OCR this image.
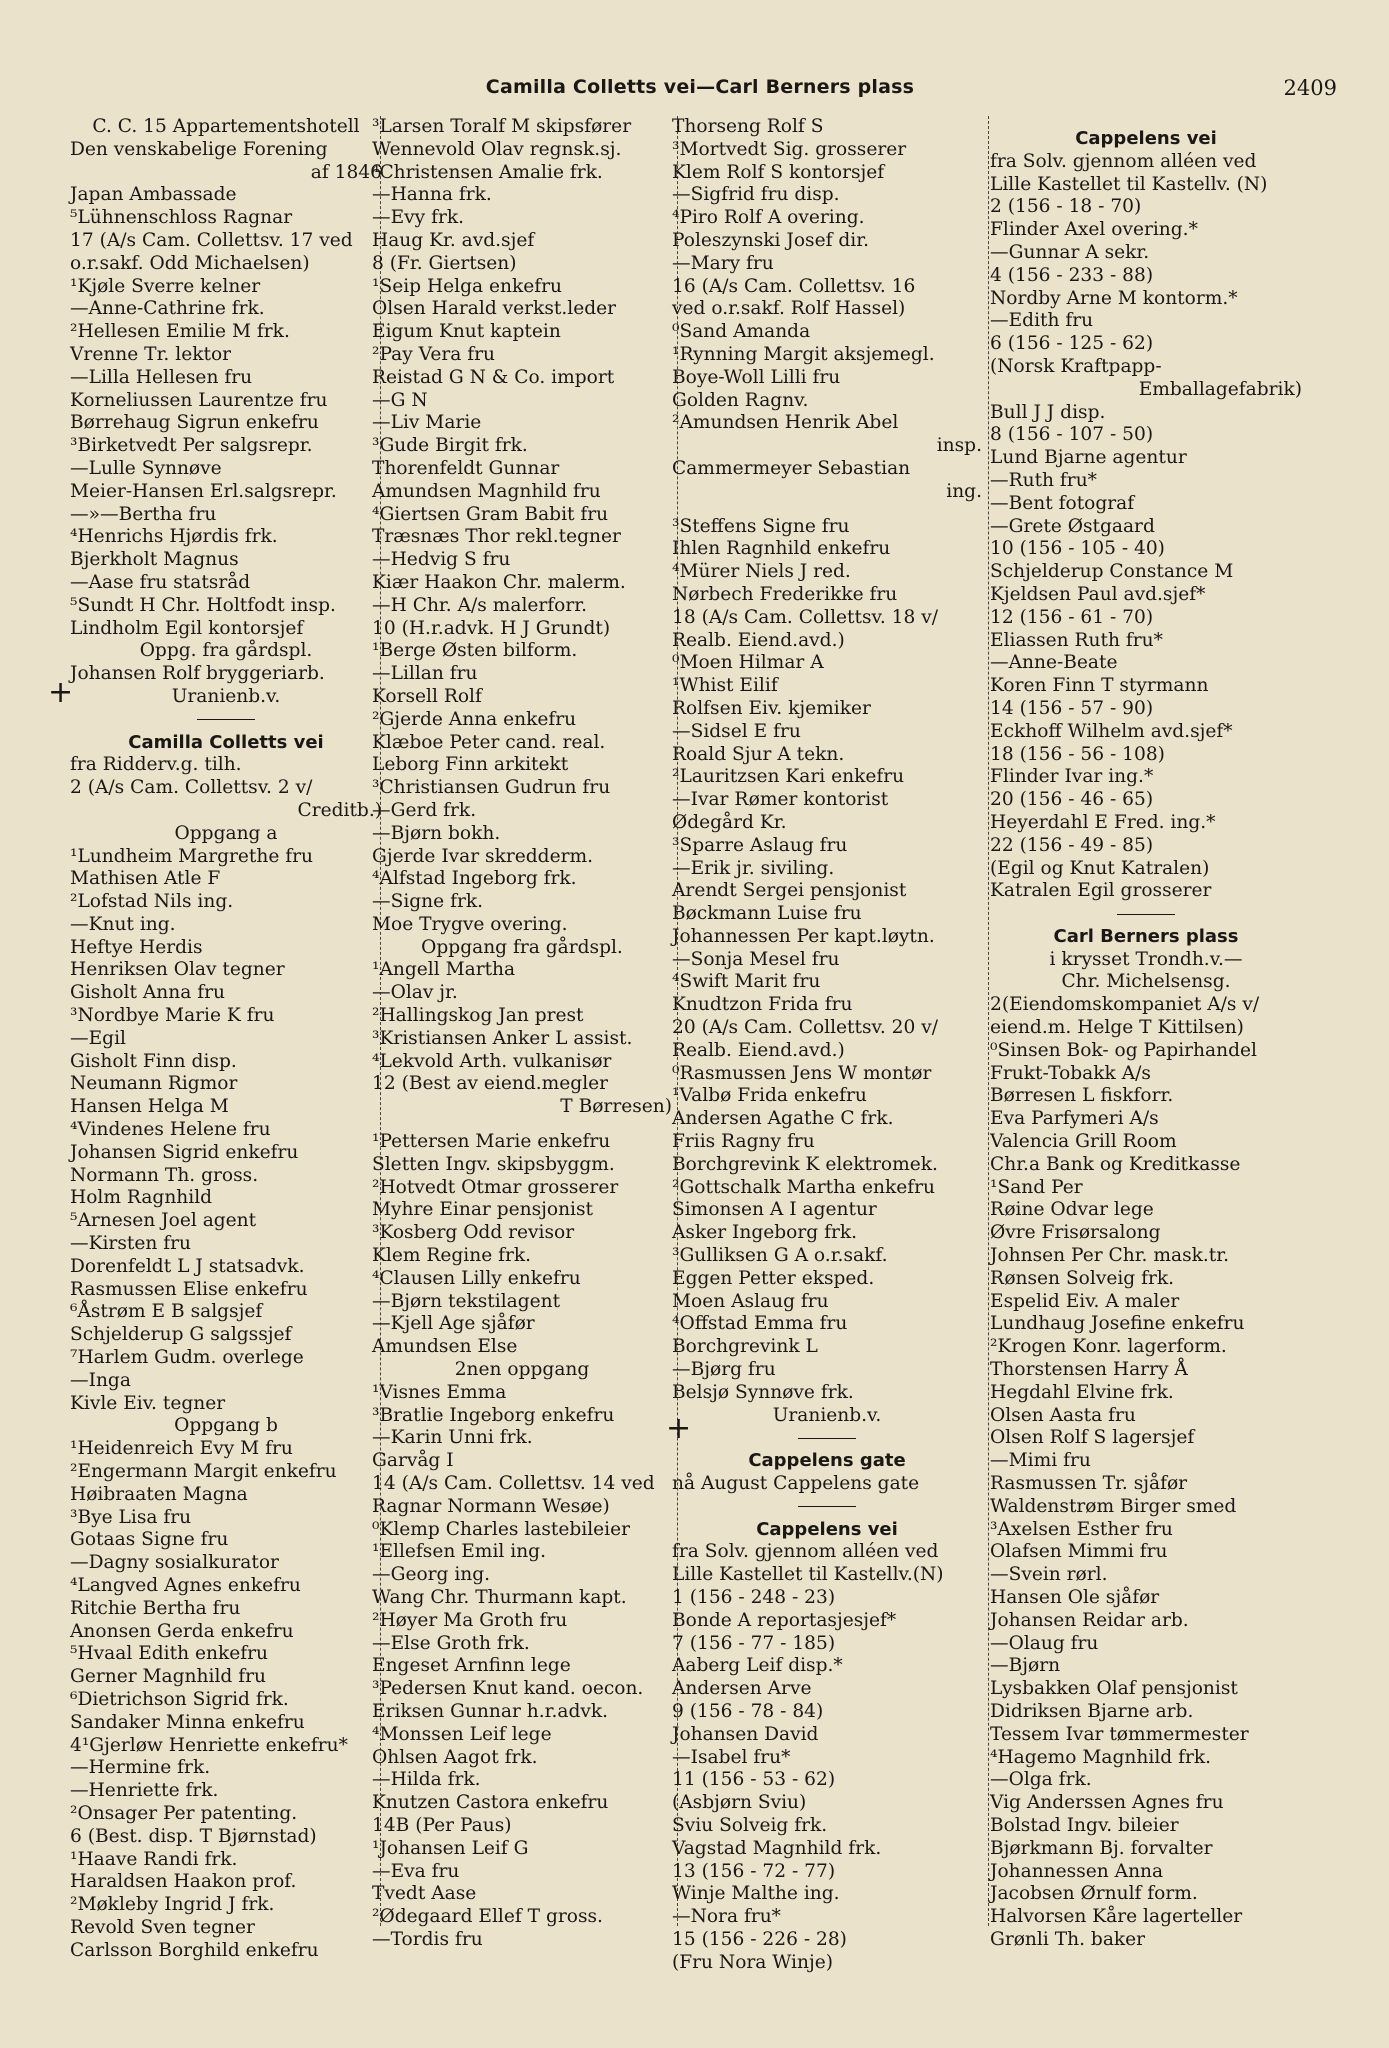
Camilla Colletts vei—Carl Berners plass	2409
C. C. 15 Appartementshotell
Den venskabelige Forening
af 1846
Japan Ambassade
⁵Lühnenschloss Ragnar
17 (A/s Cam. Collettsv. 17 ved
o.r.sakf. Odd Michaelsen)
¹Kjøle Sverre kelner
—Anne-Cathrine frk.
²Hellesen Emilie M frk.
Vrenne Tr. lektor
—Lilla Hellesen fru
Korneliussen Laurentze fru
Børrehaug Sigrun enkefru
³Birketvedt Per salgsrepr.
—Lulle Synnøve
Meier-Hansen Erl.salgsrepr.
—»—Bertha fru
⁴Henrichs Hjørdis frk.
Bjerkholt Magnus
—Aase fru statsråd
⁵Sundt H Chr. Holtfodt insp.
Lindholm Egil kontorsjef
Oppg. fra gårdspl.
Johansen Rolf bryggeriarb.
Uranienb.v.
Camilla Colletts vei
fra Ridderv.g. tilh.
2 (A/s Cam. Collettsv. 2 v/
Creditb.)
Oppgang a
¹Lundheim Margrethe fru
Mathisen Atle F
²Lofstad Nils ing.
—Knut ing.
Heftye Herdis
Henriksen Olav tegner
Gisholt Anna fru
³Nordbye Marie K fru
—Egil
Gisholt Finn disp.
Neumann Rigmor
Hansen Helga M
⁴Vindenes Helene fru
Johansen Sigrid enkefru
Normann Th. gross.
Holm Ragnhild
⁵Arnesen Joel agent
—Kirsten fru
Dorenfeldt L J statsadvk.
Rasmussen Elise enkefru
⁶Åstrøm E B salgsjef
Schjelderup G salgssjef
⁷Harlem Gudm. overlege
—Inga
Kivle Eiv. tegner
Oppgang b
¹Heidenreich Evy M fru
²Engermann Margit enkefru
Høibraaten Magna
³Bye Lisa fru
Gotaas Signe fru
—Dagny sosialkurator
⁴Langved Agnes enkefru
Ritchie Bertha fru
Anonsen Gerda enkefru
⁵Hvaal Edith enkefru
Gerner Magnhild fru
⁶Dietrichson Sigrid frk.
Sandaker Minna enkefru
4¹Gjerløw Henriette enkefru*
—Hermine frk.
—Henriette frk.
²Onsager Per patenting.
6 (Best. disp. T Bjørnstad)
¹Haave Randi frk.
Haraldsen Haakon prof.
²Møkleby Ingrid J frk.
Revold Sven tegner
Carlsson Borghild enkefru
³Larsen Toralf M skipsfører
Wennevold Olav regnsk.sj.
⁴Christensen Amalie frk.
—Hanna frk.
—Evy frk.
Haug Kr. avd.sjef
8 (Fr. Giertsen)
¹Seip Helga enkefru
Olsen Harald verkst.leder
Eigum Knut kaptein
²Pay Vera fru
Reistad G N & Co. import
—G N
—Liv Marie
³Gude Birgit frk.
Thorenfeldt Gunnar
Amundsen Magnhild fru
⁴Giertsen Gram Babit fru
Træsnæs Thor rekl.tegner
—Hedvig S fru
Kiær Haakon Chr. malerm.
—H Chr. A/s malerforr.
10 (H.r.advk. H J Grundt)
¹Berge Østen bilform.
—Lillan fru
Korsell Rolf
²Gjerde Anna enkefru
Klæboe Peter cand. real.
Leborg Finn arkitekt
³Christiansen Gudrun fru
—Gerd frk.
—Bjørn bokh.
Gjerde Ivar skredderm.
⁴Alfstad Ingeborg frk.
—Signe frk.
Moe Trygve overing.
Oppgang fra gårdspl.
¹Angell Martha
—Olav jr.
²Hallingskog Jan prest
³Kristiansen Anker L assist.
⁴Lekvold Arth. vulkanisør
12 (Best av eiend.megler
T Børresen)
¹Pettersen Marie enkefru
Sletten Ingv. skipsbyggm.
²Hotvedt Otmar grosserer
Myhre Einar pensjonist
³Kosberg Odd revisor
Klem Regine frk.
⁴Clausen Lilly enkefru
—Bjørn tekstilagent
—Kjell Age sjåfør
Amundsen Else
2nen oppgang
¹Visnes Emma
³Bratlie Ingeborg enkefru
—Karin Unni frk.
Garvåg I
14 (A/s Cam. Collettsv. 14 ved
Ragnar Normann Wesøe)
⁰Klemp Charles lastebileier
¹Ellefsen Emil ing.
—Georg ing.
Wang Chr. Thurmann kapt.
²Høyer Ma Groth fru
—Else Groth frk.
Engeset Arnfinn lege
³Pedersen Knut kand. oecon.
Eriksen Gunnar h.r.advk.
⁴Monssen Leif lege
Ohlsen Aagot frk.
—Hilda frk.
Knutzen Castora enkefru
14B (Per Paus)
¹Johansen Leif G
—Eva fru
Tvedt Aase
²Ødegaard Ellef T gross.
—Tordis fru
Thorseng Rolf S
³Mortvedt Sig. grosserer
Klem Rolf S kontorsjef
—Sigfrid fru disp.
⁴Piro Rolf A overing.
Poleszynski Josef dir.
—Mary fru
16 (A/s Cam. Collettsv. 16
ved o.r.sakf. Rolf Hassel)
⁰Sand Amanda
¹Rynning Margit aksjemegl.
Boye-Woll Lilli fru
Golden Ragnv.
²Amundsen Henrik Abel
insp.
Cammermeyer Sebastian
ing.
³Steffens Signe fru
Ihlen Ragnhild enkefru
⁴Mürer Niels J red.
Nørbech Frederikke fru
18 (A/s Cam. Collettsv. 18 v/
Realb. Eiend.avd.)
⁰Moen Hilmar A
¹Whist Eilif
Rolfsen Eiv. kjemiker
—Sidsel E fru
Roald Sjur A tekn.
²Lauritzsen Kari enkefru
—Ivar Rømer kontorist
Ødegård Kr.
³Sparre Aslaug fru
—Erik jr. siviling.
Arendt Sergei pensjonist
Bøckmann Luise fru
Johannessen Per kapt.løytn.
—Sonja Mesel fru
⁴Swift Marit fru
Knudtzon Frida fru
20 (A/s Cam. Collettsv. 20 v/
Realb. Eiend.avd.)
⁰Rasmussen Jens W montør
¹Valbø Frida enkefru
Andersen Agathe C frk.
Friis Ragny fru
Borchgrevink K elektromek.
²Gottschalk Martha enkefru
Simonsen A I agentur
Asker Ingeborg frk.
³Gulliksen G A o.r.sakf.
Eggen Petter eksped.
Moen Aslaug fru
⁴Offstad Emma fru
Borchgrevink L
—Bjørg fru
Belsjø Synnøve frk.
Uranienb.v.
Cappelens gate
nå August Cappelens gate
Cappelens vei
fra Solv. gjennom alléen ved
Lille Kastellet til Kastellv.(N)
1 (156 - 248 - 23)
Bonde A reportasjesjef*
7 (156 - 77 - 185)
Aaberg Leif disp.*
Andersen Arve
9 (156 - 78 - 84)
Johansen David
—Isabel fru*
11 (156 - 53 - 62)
(Asbjørn Sviu)
Sviu Solveig frk.
Vagstad Magnhild frk.
13 (156 - 72 - 77)
Winje Malthe ing.
—Nora fru*
15 (156 - 226 - 28)
(Fru Nora Winje)
Cappelens vei
fra Solv. gjennom alléen ved
Lille Kastellet til Kastellv. (N)
2 (156 - 18 - 70)
Flinder Axel overing.*
—Gunnar A sekr.
4 (156 - 233 - 88)
Nordby Arne M kontorm.*
—Edith fru
6 (156 - 125 - 62)
(Norsk Kraftpapp-
Emballagefabrik)
Bull J J disp.
8 (156 - 107 - 50)
Lund Bjarne agentur
—Ruth fru*
—Bent fotograf
—Grete Østgaard
10 (156 - 105 - 40)
Schjelderup Constance M
Kjeldsen Paul avd.sjef*
12 (156 - 61 - 70)
Eliassen Ruth fru*
—Anne-Beate
Koren Finn T styrmann
14 (156 - 57 - 90)
Eckhoff Wilhelm avd.sjef*
18 (156 - 56 - 108)
Flinder Ivar ing.*
20 (156 - 46 - 65)
Heyerdahl E Fred. ing.*
22 (156 - 49 - 85)
(Egil og Knut Katralen)
Katralen Egil grosserer
Carl Berners plass
i krysset Trondh.v.—
Chr. Michelsensg.
2(Eiendomskompaniet A/s v/
eiend.m. Helge T Kittilsen)
⁰Sinsen Bok- og Papirhandel
Frukt-Tobakk A/s
Børresen L fiskforr.
Eva Parfymeri A/s
Valencia Grill Room
Chr.a Bank og Kreditkasse
¹Sand Per
Røine Odvar lege
Øvre Frisørsalong
Johnsen Per Chr. mask.tr.
Rønsen Solveig frk.
Espelid Eiv. A maler
Lundhaug Josefine enkefru
²Krogen Konr. lagerform.
Thorstensen Harry Å
Hegdahl Elvine frk.
Olsen Aasta fru
Olsen Rolf S lagersjef
—Mimi fru
Rasmussen Tr. sjåfør
Waldenstrøm Birger smed
³Axelsen Esther fru
Olafsen Mimmi fru
—Svein rørl.
Hansen Ole sjåfør
Johansen Reidar arb.
—Olaug fru
—Bjørn
Lysbakken Olaf pensjonist
Didriksen Bjarne arb.
Tessem Ivar tømmermester
⁴Hagemo Magnhild frk.
—Olga frk.
Vig Anderssen Agnes fru
Bolstad Ingv. bileier
Bjørkmann Bj. forvalter
Johannessen Anna
Jacobsen Ørnulf form.
Halvorsen Kåre lagerteller
Grønli Th. baker
+
+
